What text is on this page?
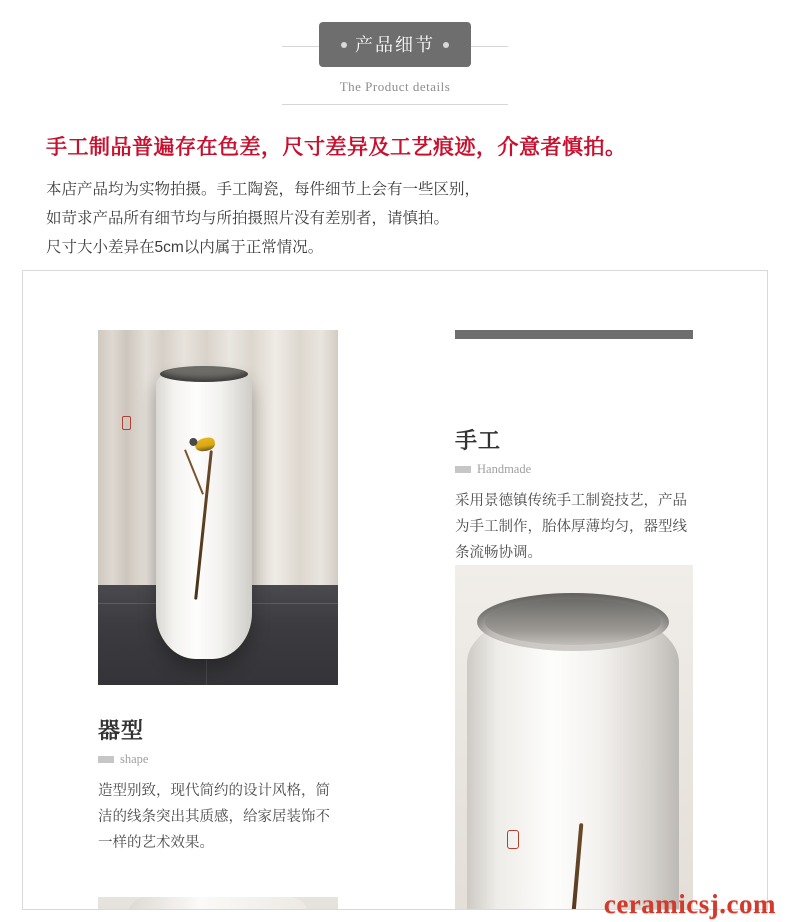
产品细节
The Product details
手工制品普遍存在色差，尺寸差异及工艺痕迹，介意者慎拍。
本店产品均为实物拍摄。手工陶瓷，每件细节上会有一些区别，
如苛求产品所有细节均与所拍摄照片没有差别者，请慎拍。
尺寸大小差异在5cm以内属于正常情况。
器型
shape
造型别致，现代简约的设计风格，简洁的线条突出其质感，给家居装饰不一样的艺术效果。
手工
Handmade
采用景德镇传统手工制瓷技艺，产品为手工制作，胎体厚薄均匀，器型线条流畅协调。
ceramicsj.com
